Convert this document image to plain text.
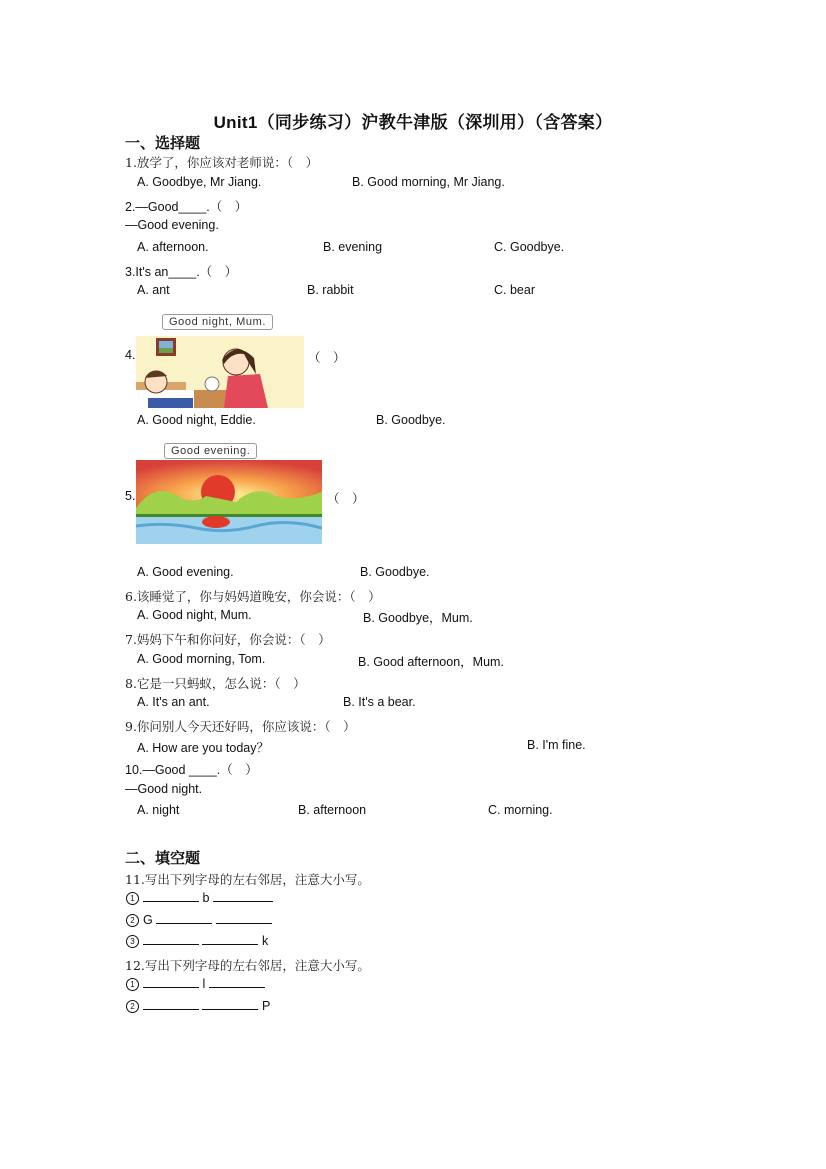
Unit1（同步练习）沪教牛津版（深圳用）（含答案）
一、选择题
1.放学了，你应该对老师说：（　）
A. Goodbye, Mr Jiang.	B. Good morning, Mr Jiang.
2.—Good____.（　）
—Good evening.
A. afternoon.	B. evening	C. Goodbye.
3.It's an____.（　）
A. ant	B. rabbit	C. bear
4.
Good night, Mum.
（　）
A. Good night, Eddie.	B. Goodbye.
5.
Good evening.
（　）
A. Good evening.	B. Goodbye.
6.该睡觉了，你与妈妈道晚安，你会说：（　）
A. Good night, Mum.	B. Goodbye，Mum.
7.妈妈下午和你问好，你会说：（　）
A. Good morning, Tom.	B. Good afternoon，Mum.
8.它是一只蚂蚁，怎么说：（　）
A. It's an ant.	B. It's a bear.
9.你问别人今天还好吗，你应该说：（　）
A. How are you today？	B. I'm fine.
10.—Good ____.（　）
—Good night.
A. night	B. afternoon	C. morning.
二、填空题
11.写出下列字母的左右邻居，注意大小写。
1	b
2 G
3	k
12.写出下列字母的左右邻居，注意大小写。
1	l
2	P
